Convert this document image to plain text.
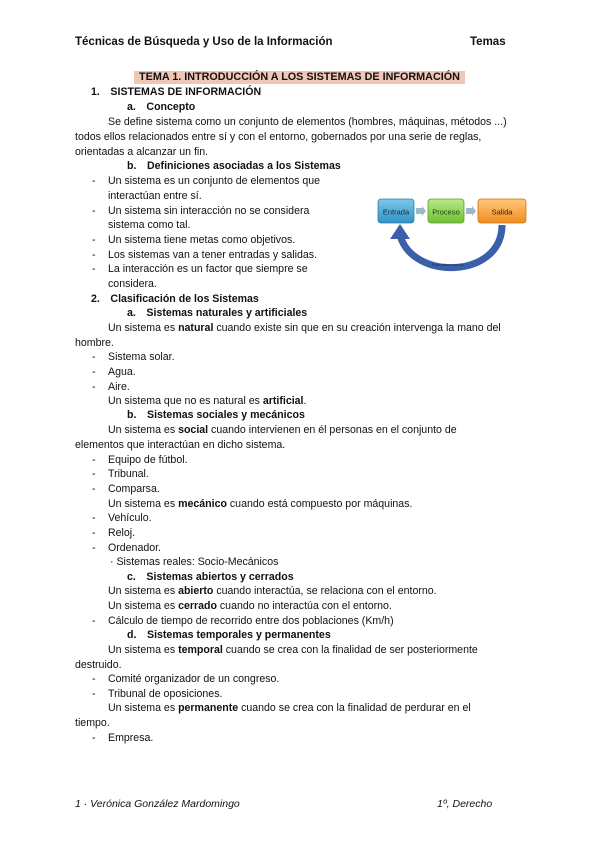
Técnicas de Búsqueda y Uso de la Información	Temas
TEMA 1. INTRODUCCIÓN A LOS SISTEMAS DE INFORMACIÓN
1. SISTEMAS DE INFORMACIÓN
a. Concepto
Se define sistema como un conjunto de elementos (hombres, máquinas, métodos ...)
todos ellos relacionados entre sí y con el entorno, gobernados por una serie de reglas,
orientadas a alcanzar un fin.
b. Definiciones asociadas a los Sistemas
- Un sistema es un conjunto de elementos que
interactúan entre sí.
- Un sistema sin interacción no se considera
sistema como tal.
- Un sistema tiene metas como objetivos.
- Los sistemas van a tener entradas y salidas.
- La interacción es un factor que siempre se
considera.
Entrada	Proceso	Salida
Retroalimentación
2. Clasificación de los Sistemas
a. Sistemas naturales y artificiales
Un sistema es natural cuando existe sin que en su creación intervenga la mano del
hombre.
- Sistema solar.
- Agua.
- Aire.
Un sistema que no es natural es artificial.
b. Sistemas sociales y mecánicos
Un sistema es social cuando intervienen en él personas en el conjunto de
elementos que interactúan en dicho sistema.
- Equipo de fútbol.
- Tribunal.
- Comparsa.
Un sistema es mecánico cuando está compuesto por máquinas.
- Vehículo.
- Reloj.
- Ordenador.
· Sistemas reales: Socio-Mecánicos
c. Sistemas abiertos y cerrados
Un sistema es abierto cuando interactúa, se relaciona con el entorno.
Un sistema es cerrado cuando no interactúa con el entorno.
- Cálculo de tiempo de recorrido entre dos poblaciones (Km/h)
d. Sistemas temporales y permanentes
Un sistema es temporal cuando se crea con la finalidad de ser posteriormente
destruido.
- Comité organizador de un congreso.
- Tribunal de oposiciones.
Un sistema es permanente cuando se crea con la finalidad de perdurar en el
tiempo.
- Empresa.
1 · Verónica González Mardomingo	1º, Derecho
